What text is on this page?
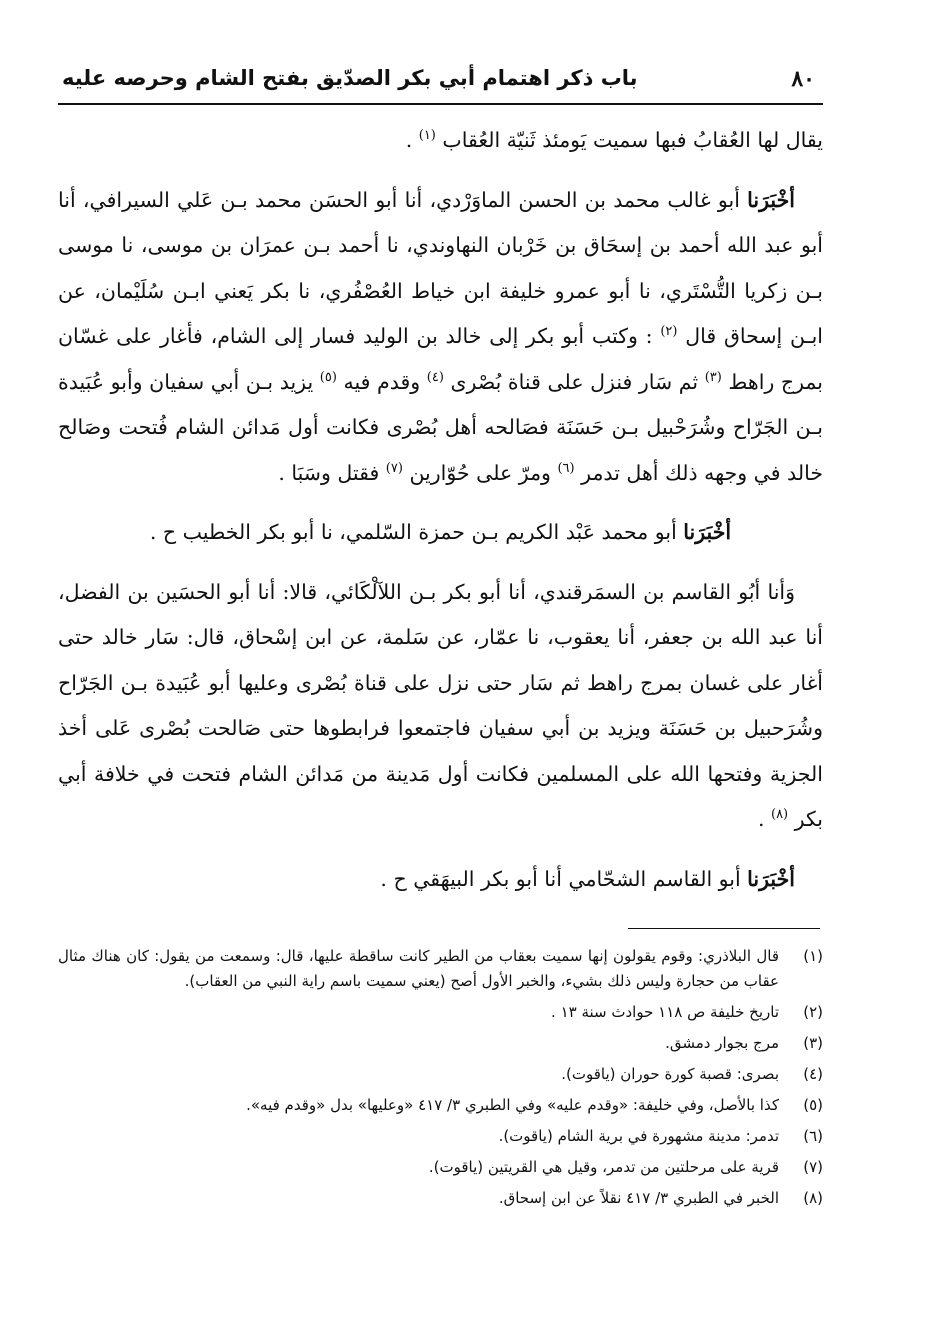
٨٠
باب ذكر اهتمام أبي بكر الصدّيق بفتح الشام وحرصه عليه

يقال لها العُقابُ فبها سميت يَومئذ ثَنيّة العُقاب $^{(١)}$ .

أخْبَرَنا أبو غالب محمد بن الحسن الماوَرْدي، أنا أبو الحسَن محمد بـن عَلي السيرافي، أنا أبو عبد الله أحمد بن إسحَاق بن خَرْبان النهاوندي، نا أحمد بـن عمرَان بن موسى، نا موسى بـن زكريا التُّسْتَري، نا أبو عمرو خليفة ابن خياط العُصْفُري، نا بكر يَعني ابـن سُلَيْمان، عن ابـن إسحاق قال $^{(٢)}$ : وكتب أبو بكر إلى خالد بن الوليد فسار إلى الشام، فأغار على غسّان بمرج راهط $^{(٣)}$ ثم سَار فنزل على قناة بُصْرى $^{(٤)}$ وقدم فيه $^{(٥)}$ يزيد بـن أبي سفيان وأبو عُبَيدة بـن الجَرّاح وشُرَحْبيل بـن حَسَنَة فصَالحه أهل بُصْرى فكانت أول مَدائن الشام فُتحت وصَالح خالد في وجهه ذلك أهل تدمر $^{(٦)}$ ومرّ على حُوّارين $^{(٧)}$ فقتل وسَبَا .

أخْبَرَنا أبو محمد عَبْد الكريم بـن حمزة السّلمي، نا أبو بكر الخطيب ح .

وَأنا أبُو القاسم بن السمَرقندي، أنا أبو بكر بـن اللآلْكَائي، قالا: أنا أبو الحسَين بن الفضل، أنا عبد الله بن جعفر، أنا يعقوب، نا عمّار، عن سَلمة، عن ابن إسْحاق، قال: سَار خالد حتى أغار على غسان بمرج راهط ثم سَار حتى نزل على قناة بُصْرى وعليها أبو عُبَيدة بـن الجَرّاح وشُرَحبيل بن حَسَنَة ويزيد بن أبي سفيان فاجتمعوا فرابطوها حتى صَالحت بُصْرى عَلى أخذ الجزية وفتحها الله على المسلمين فكانت أول مَدينة من مَدائن الشام فتحت في خلافة أبي بكر $^{(٨)}$ .

أخْبَرَنا أبو القاسم الشحّامي أنا أبو بكر البيهَقي ح .

(١)
قال البلاذري: وقوم يقولون إنها سميت بعقاب من الطير كانت ساقطة عليها، قال: وسمعت من يقول: كان هناك مثال عقاب من حجارة وليس ذلك بشيء، والخبر الأول أصح (يعني سميت باسم راية النبي من العقاب).
(٢)
تاريخ خليفة ص ١١٨ حوادث سنة ١٣ .
(٣)
مرج بجوار دمشق.
(٤)
بصرى: قصبة كورة حوران (ياقوت).
(٥)
كذا بالأصل، وفي خليفة: «وقدم عليه» وفي الطبري ٣/ ٤١٧ «وعليها» بدل «وقدم فيه».
(٦)
تدمر: مدينة مشهورة في برية الشام (ياقوت).
(٧)
قرية على مرحلتين من تدمر، وقيل هي القريتين (ياقوت).
(٨)
الخبر في الطبري ٣/ ٤١٧ نقلاً عن ابن إسحاق.
